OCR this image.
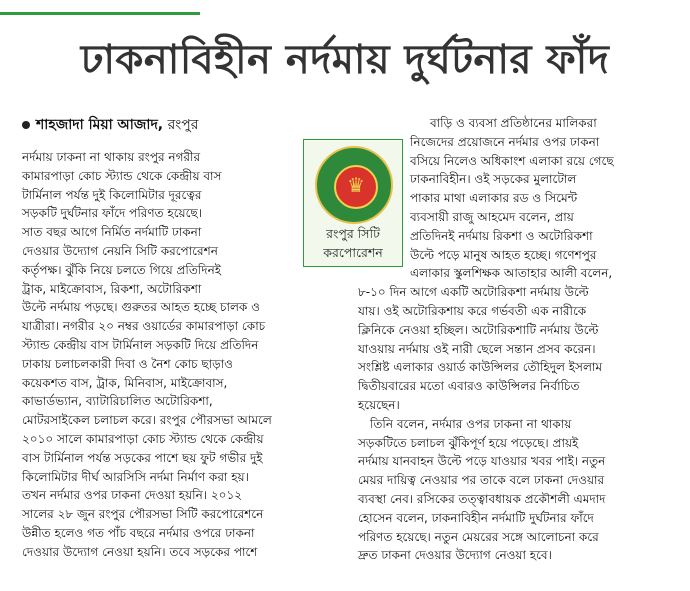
ঢাকনাবিহীন নর্দমায় দুর্ঘটনার ফাঁদ
শাহজাদা মিয়া আজাদ, রংপুর

নর্দমায় ঢাকনা না থাকায় রংপুর নগরীর

কামারপাড়া কোচ স্ট্যান্ড থেকে কেন্দ্রীয় বাস

টার্মিনাল পর্যন্ত দুই কিলোমিটার দূরত্বের

সড়কটি দুর্ঘটনার ফাঁদে পরিণত হয়েছে।

সাত বছর আগে নির্মিত নর্দমাটি ঢাকনা

দেওয়ার উদ্যোগ নেয়নি সিটি করপোরেশন

কর্তৃপক্ষ। ঝুঁকি নিয়ে চলতে গিয়ে প্রতিদিনই

ট্রাক, মাইক্রোবাস, রিকশা, অটোরিকশা

উল্টে নর্দমায় পড়ছে। গুরুতর আহত হচ্ছে চালক ও

যাত্রীরা। নগরীর ২০ নম্বর ওয়ার্ডের কামারপাড়া কোচ

স্ট্যান্ড কেন্দ্রীয় বাস টার্মিনাল সড়কটি দিয়ে প্রতিদিন

ঢাকায় চলাচলকারী দিবা ও নৈশ কোচ ছাড়াও

কয়েকশত বাস, ট্রাক, মিনিবাস, মাইক্রোবাস,

কাভার্ডভ্যান, ব্যাটারিচালিত অটোরিকশা,

মোটরসাইকেল চলাচল করে। রংপুর পৌরসভা আমলে

২০১০ সালে কামারপাড়া কোচ স্ট্যান্ড থেকে কেন্দ্রীয়

বাস টার্মিনাল পর্যন্ত সড়কের পাশে ছয় ফুট গভীর দুই

কিলোমিটার দীর্ঘ আরসিসি নর্দমা নির্মাণ করা হয়।

তখন নর্দমার ওপর ঢাকনা দেওয়া হয়নি। ২০১২

সালের ২৮ জুন রংপুর পৌরসভা সিটি করপোরেশনে

উন্নীত হলেও গত পাঁচ বছরে নর্দমার ওপরে ঢাকনা

দেওয়ার উদ্যোগ নেওয়া হয়নি। তবে সড়কের পাশে

♛
রংপুর সিটি
করপোরেশন

বাড়ি ও ব্যবসা প্রতিষ্ঠানের মালিকরা

নিজেদের প্রয়োজনে নর্দমার ওপর ঢাকনা

বসিয়ে নিলেও অধিকাংশ এলাকা রয়ে গেছে

ঢাকনাবিহীন। ওই সড়কের মুলাটোল

পাকার মাথা এলাকার রড ও সিমেন্ট

ব্যবসায়ী রাজু আহমেদ বলেন, প্রায়

প্রতিদিনই নর্দমায় রিকশা ও অটোরিকশা

উল্টে পড়ে মানুষ আহত হচ্ছে। গণেশপুর

এলাকার স্কুলশিক্ষক আতাহার আলী বলেন,

৮-১০ দিন আগে একটি অটোরিকশা নর্দমায় উল্টে

যায়। ওই অটোরিকশায় করে গর্ভবতী এক নারীকে

ক্লিনিকে নেওয়া হচ্ছিল। অটোরিকশাটি নর্দমায় উল্টে

যাওয়ায় নর্দমায় ওই নারী ছেলে সন্তান প্রসব করেন।

সংশ্লিষ্ট এলাকার ওয়ার্ড কাউন্সিলর তৌহিদুল ইসলাম

দ্বিতীয়বারের মতো এবারও কাউন্সিলর নির্বাচিত

হয়েছেন।

তিনি বলেন, নর্দমার ওপর ঢাকনা না থাকায়

সড়কটিতে চলাচল ঝুঁকিপূর্ণ হয়ে পড়েছে। প্রায়ই

নর্দমায় যানবাহন উল্টে পড়ে যাওয়ার খবর পাই। নতুন

মেয়র দায়িত্ব নেওয়ার পর তাকে বলে ঢাকনা দেওয়ার

ব্যবস্থা নেব। রসিকের তত্ত্বাবধায়ক প্রকৌশলী এমদাদ

হোসেন বলেন, ঢাকনাবিহীন নর্দমাটি দুর্ঘটনার ফাঁদে

পরিণত হয়েছে। নতুন মেয়রের সঙ্গে আলোচনা করে

দ্রুত ঢাকনা দেওয়ার উদ্যোগ নেওয়া হবে।
